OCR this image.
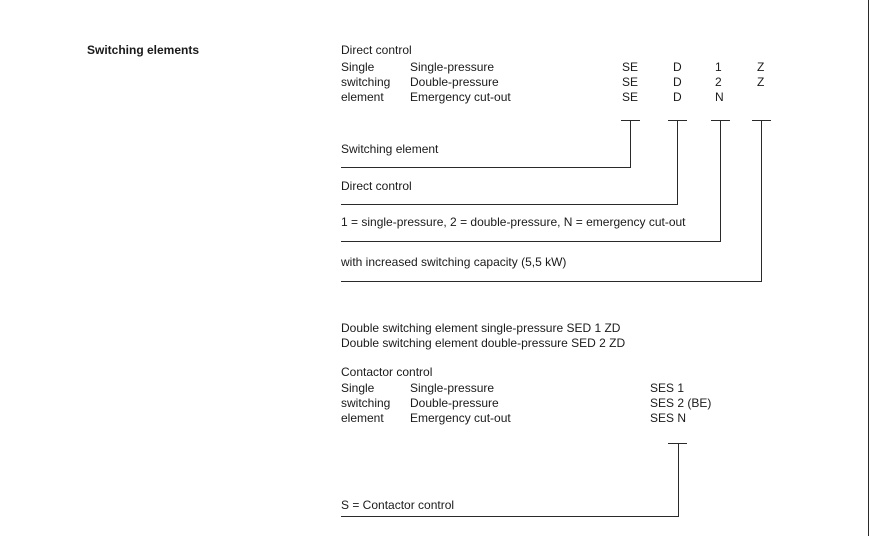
Switching elements	Direct control
Single	Single-pressure	SE	D	1	Z
switching Double-pressure	SE	D	2	Z
element Emergency cut-out	SE	D	N
Switching element
Direct control
1 = single-pressure, 2 = double-pressure, N = emergency cut-out
with increased switching capacity (5,5 kW)
Double switching element single-pressure SED 1 ZD
Double switching element double-pressure SED 2 ZD
Contactor control
Single	Single-pressure	SES 1
switching Double-pressure	SES 2 (BE)
element Emergency cut-out	SES N
S = Contactor control
